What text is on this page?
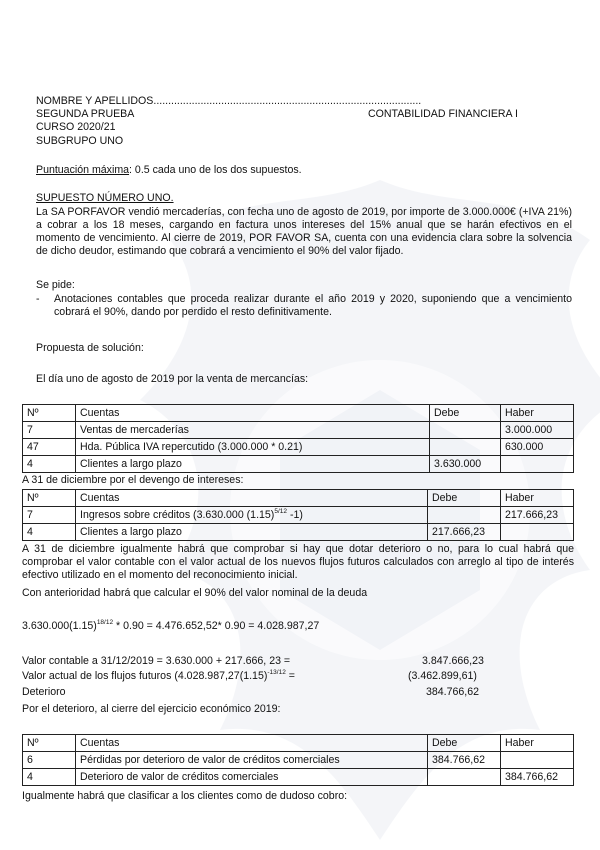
NOMBRE Y APELLIDOS...........................................................................................
SEGUNDA PRUEBA	CONTABILIDAD FINANCIERA I
CURSO 2020/21
SUBGRUPO UNO
Puntuación máxima: 0.5 cada uno de los dos supuestos.
SUPUESTO NÚMERO UNO.
La SA PORFAVOR vendió mercaderías, con fecha uno de agosto de 2019, por importe de 3.000.000€ (+IVA 21%) a cobrar a los 18 meses, cargando en factura unos intereses del 15% anual que se harán efectivos en el momento de vencimiento. Al cierre de 2019, POR FAVOR SA, cuenta con una evidencia clara sobre la solvencia de dicho deudor, estimando que cobrará a vencimiento el 90% del valor fijado.
Se pide:
- Anotaciones contables que proceda realizar durante el año 2019 y 2020, suponiendo que a vencimiento cobrará el 90%, dando por perdido el resto definitivamente.
Propuesta de solución:
El día uno de agosto de 2019 por la venta de mercancías:
Nº	Cuentas	Debe	Haber
7	Ventas de mercaderías		3.000.000
47	Hda. Pública IVA repercutido (3.000.000 * 0.21)		630.000
4	Clientes a largo plazo	3.630.000	
A 31 de diciembre por el devengo de intereses:
Nº	Cuentas	Debe	Haber
7	Ingresos sobre créditos (3.630.000 $(1.15)^{5/12}$ -1)		217.666,23
4	Clientes a largo plazo	217.666,23	
A 31 de diciembre igualmente habrá que comprobar si hay que dotar deterioro o no, para lo cual habrá que comprobar el valor contable con el valor actual de los nuevos flujos futuros calculados con arreglo al tipo de interés efectivo utilizado en el momento del reconocimiento inicial.
Con anterioridad habrá que calcular el 90% del valor nominal de la deuda
$3.630.000(1.15)^{18/12} * 0.90 = 4.476.652,52*$ 0.90 = 4.028.987,27
Valor contable a 31/12/2019 = 3.630.000 + 217.666, 23 =	3.847.666,23
Valor actual de los flujos futuros ($4.028.987,27(1.15)^{-13/12}$ =	(3.462.899,61)
Deterioro	384.766,62
Por el deterioro, al cierre del ejercicio económico 2019:
Nº	Cuentas	Debe	Haber
6	Pérdidas por deterioro de valor de créditos comerciales	384.766,62	
4	Deterioro de valor de créditos comerciales		384.766,62
Igualmente habrá que clasificar a los clientes como de dudoso cobro:
